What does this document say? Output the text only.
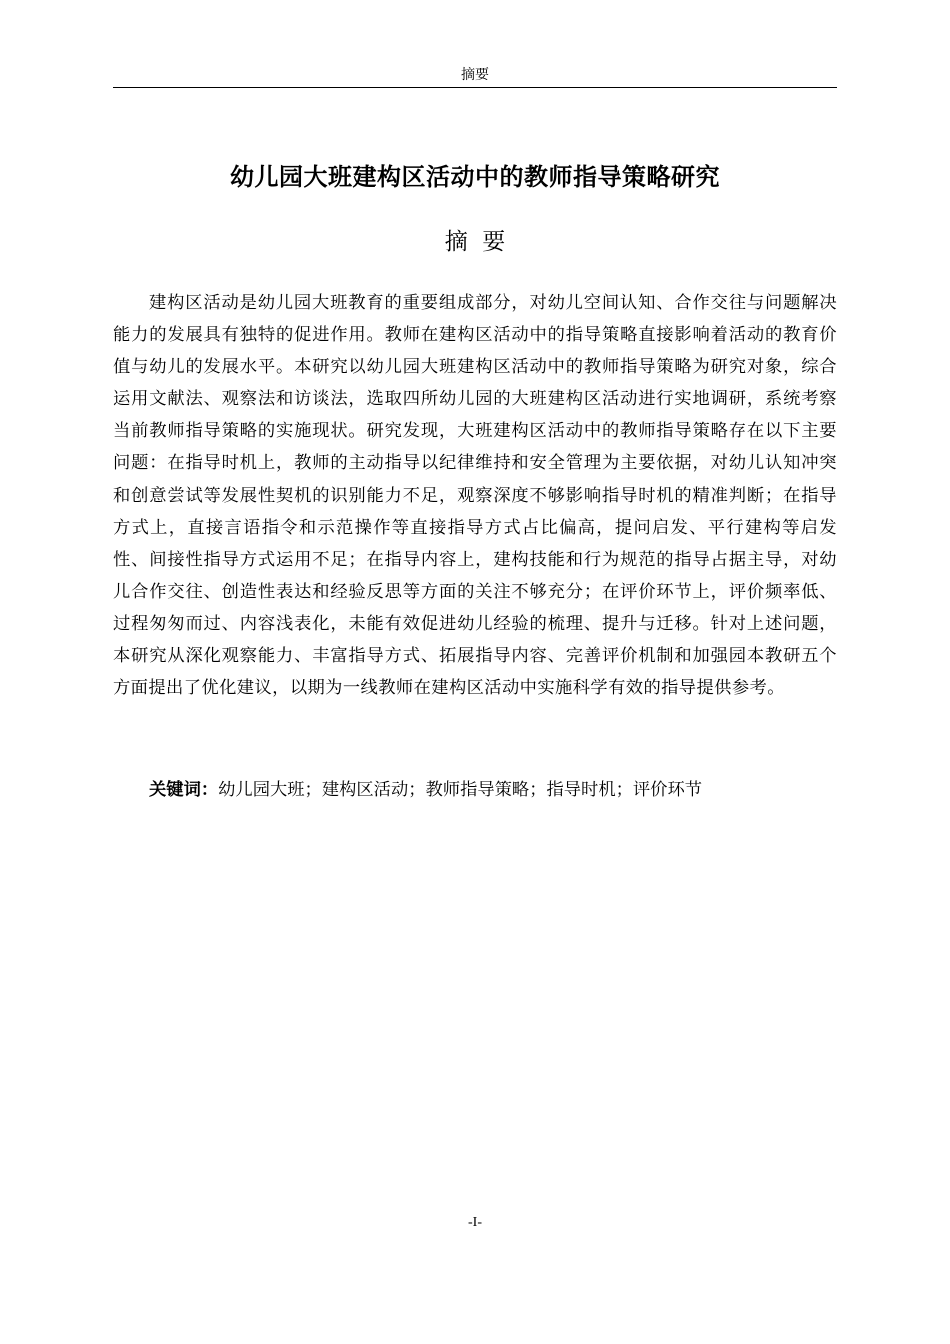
摘要
幼儿园大班建构区活动中的教师指导策略研究
摘  要

建构区活动是幼儿园大班教育的重要组成部分，对幼儿空间认知、合作交往与问题解决能力的发展具有独特的促进作用。教师在建构区活动中的指导策略直接影响着活动的教育价值与幼儿的发展水平。本研究以幼儿园大班建构区活动中的教师指导策略为研究对象，综合运用文献法、观察法和访谈法，选取四所幼儿园的大班建构区活动进行实地调研，系统考察当前教师指导策略的实施现状。研究发现，大班建构区活动中的教师指导策略存在以下主要问题：在指导时机上，教师的主动指导以纪律维持和安全管理为主要依据，对幼儿认知冲突和创意尝试等发展性契机的识别能力不足，观察深度不够影响指导时机的精准判断；在指导方式上，直接言语指令和示范操作等直接指导方式占比偏高，提问启发、平行建构等启发性、间接性指导方式运用不足；在指导内容上，建构技能和行为规范的指导占据主导，对幼儿合作交往、创造性表达和经验反思等方面的关注不够充分；在评价环节上，评价频率低、过程匆匆而过、内容浅表化，未能有效促进幼儿经验的梳理、提升与迁移。针对上述问题，本研究从深化观察能力、丰富指导方式、拓展指导内容、完善评价机制和加强园本教研五个方面提出了优化建议，以期为一线教师在建构区活动中实施科学有效的指导提供参考。

关键词：幼儿园大班；建构区活动；教师指导策略；指导时机；评价环节

-I-
